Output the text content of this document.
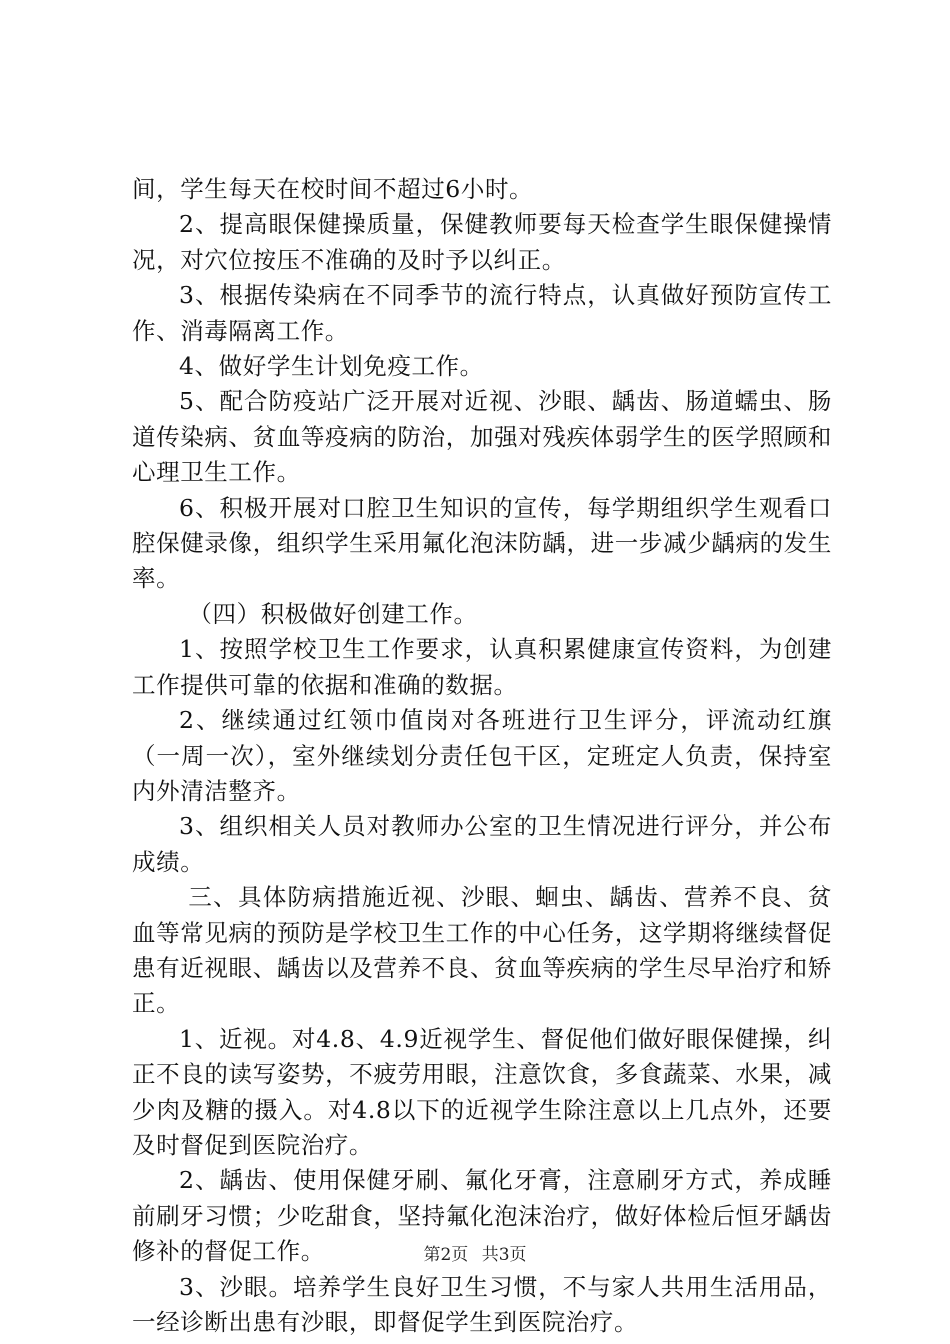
间，学生每天在校时间不超过6小时。

2、提高眼保健操质量，保健教师要每天检查学生眼保健操情况，对穴位按压不准确的及时予以纠正。

3、根据传染病在不同季节的流行特点，认真做好预防宣传工作、消毒隔离工作。

4、做好学生计划免疫工作。

5、配合防疫站广泛开展对近视、沙眼、龋齿、肠道蠕虫、肠道传染病、贫血等疫病的防治，加强对残疾体弱学生的医学照顾和心理卫生工作。

6、积极开展对口腔卫生知识的宣传，每学期组织学生观看口腔保健录像，组织学生采用氟化泡沫防龋，进一步减少龋病的发生率。

（四）积极做好创建工作。

1、按照学校卫生工作要求，认真积累健康宣传资料，为创建工作提供可靠的依据和准确的数据。

2、继续通过红领巾值岗对各班进行卫生评分，评流动红旗（一周一次），室外继续划分责任包干区，定班定人负责，保持室内外清洁整齐。

3、组织相关人员对教师办公室的卫生情况进行评分，并公布成绩。

三、具体防病措施近视、沙眼、蛔虫、龋齿、营养不良、贫血等常见病的预防是学校卫生工作的中心任务，这学期将继续督促患有近视眼、龋齿以及营养不良、贫血等疾病的学生尽早治疗和矫正。

1、近视。对4.8、4.9近视学生、督促他们做好眼保健操，纠正不良的读写姿势，不疲劳用眼，注意饮食，多食蔬菜、水果，减少肉及糖的摄入。对4.8以下的近视学生除注意以上几点外，还要及时督促到医院治疗。

2、龋齿、使用保健牙刷、氟化牙膏，注意刷牙方式，养成睡前刷牙习惯；少吃甜食，坚持氟化泡沫治疗，做好体检后恒牙龋齿修补的督促工作。

3、沙眼。培养学生良好卫生习惯，不与家人共用生活用品，一经诊断出患有沙眼，即督促学生到医院治疗。

第2页 共3页
